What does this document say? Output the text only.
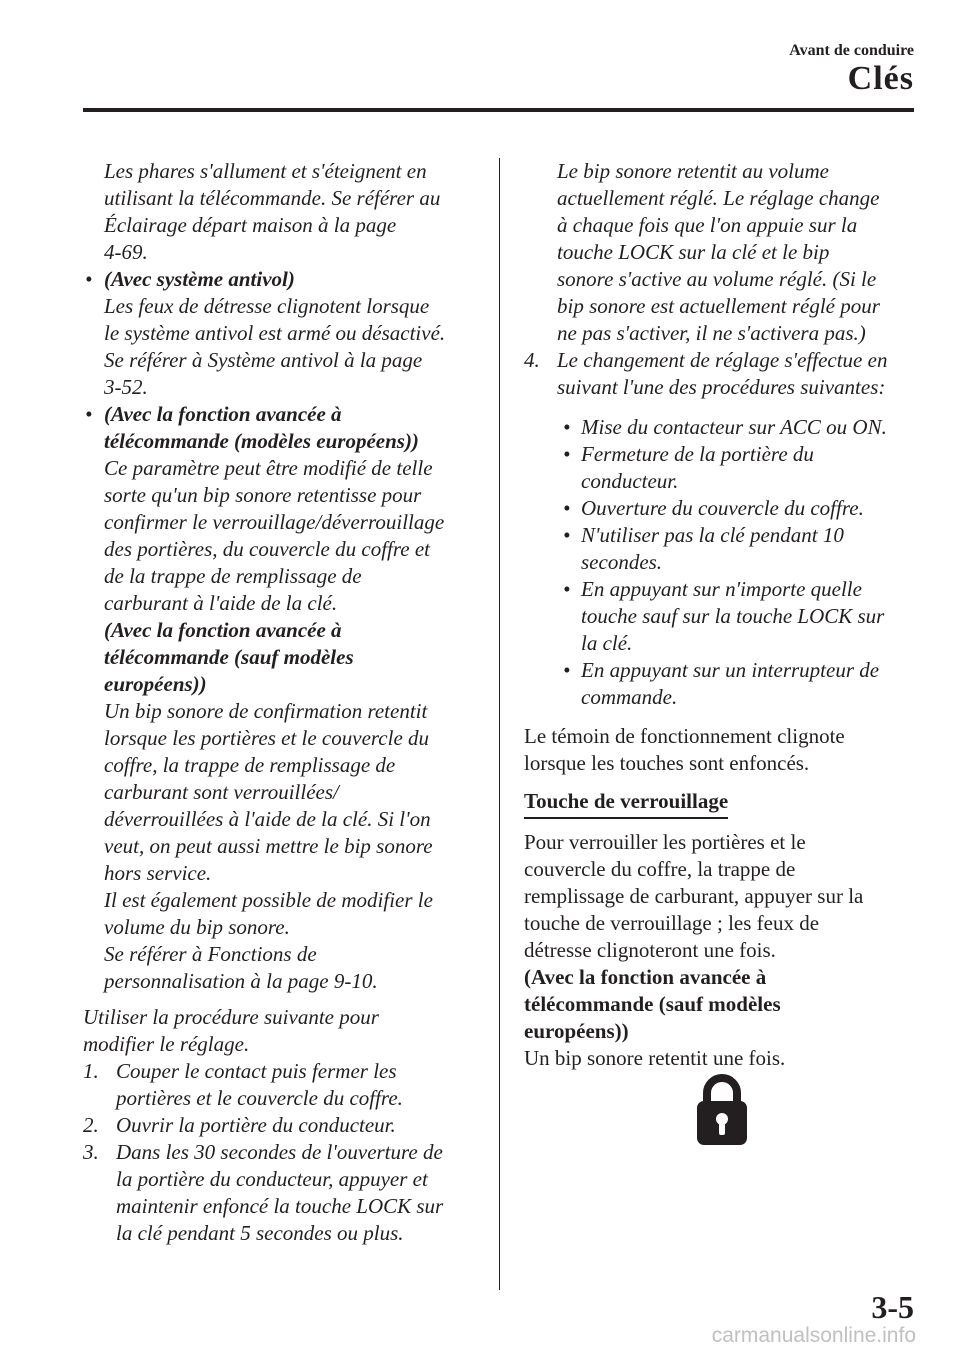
Avant de conduire
Clés
Les phares s'allument et s'éteignent en
utilisant la télécommande. Se référer au
Éclairage départ maison à la page
4-69.
• (Avec système antivol)
Les feux de détresse clignotent lorsque
le système antivol est armé ou désactivé.
Se référer à Système antivol à la page
3-52.
• (Avec la fonction avancée à
télécommande (modèles européens))
Ce paramètre peut être modifié de telle
sorte qu'un bip sonore retentisse pour
confirmer le verrouillage/déverrouillage
des portières, du couvercle du coffre et
de la trappe de remplissage de
carburant à l'aide de la clé.
(Avec la fonction avancée à
télécommande (sauf modèles
européens))
Un bip sonore de confirmation retentit
lorsque les portières et le couvercle du
coffre, la trappe de remplissage de
carburant sont verrouillées/
déverrouillées à l'aide de la clé. Si l'on
veut, on peut aussi mettre le bip sonore
hors service.
Il est également possible de modifier le
volume du bip sonore.
Se référer à Fonctions de
personnalisation à la page 9-10.
Utiliser la procédure suivante pour
modifier le réglage.
1. Couper le contact puis fermer les
portières et le couvercle du coffre.
2. Ouvrir la portière du conducteur.
3. Dans les 30 secondes de l'ouverture de
la portière du conducteur, appuyer et
maintenir enfoncé la touche LOCK sur
la clé pendant 5 secondes ou plus.
Le bip sonore retentit au volume
actuellement réglé. Le réglage change
à chaque fois que l'on appuie sur la
touche LOCK sur la clé et le bip
sonore s'active au volume réglé. (Si le
bip sonore est actuellement réglé pour
ne pas s'activer, il ne s'activera pas.)
4. Le changement de réglage s'effectue en
suivant l'une des procédures suivantes:
• Mise du contacteur sur ACC ou ON.
• Fermeture de la portière du
conducteur.
• Ouverture du couvercle du coffre.
• N'utiliser pas la clé pendant 10
secondes.
• En appuyant sur n'importe quelle
touche sauf sur la touche LOCK sur
la clé.
• En appuyant sur un interrupteur de
commande.
Le témoin de fonctionnement clignote
lorsque les touches sont enfoncés.
Touche de verrouillage
Pour verrouiller les portières et le
couvercle du coffre, la trappe de
remplissage de carburant, appuyer sur la
touche de verrouillage ; les feux de
détresse clignoteront une fois.
(Avec la fonction avancée à
télécommande (sauf modèles
européens))
Un bip sonore retentit une fois.
3-5
carmanualsonline.info
